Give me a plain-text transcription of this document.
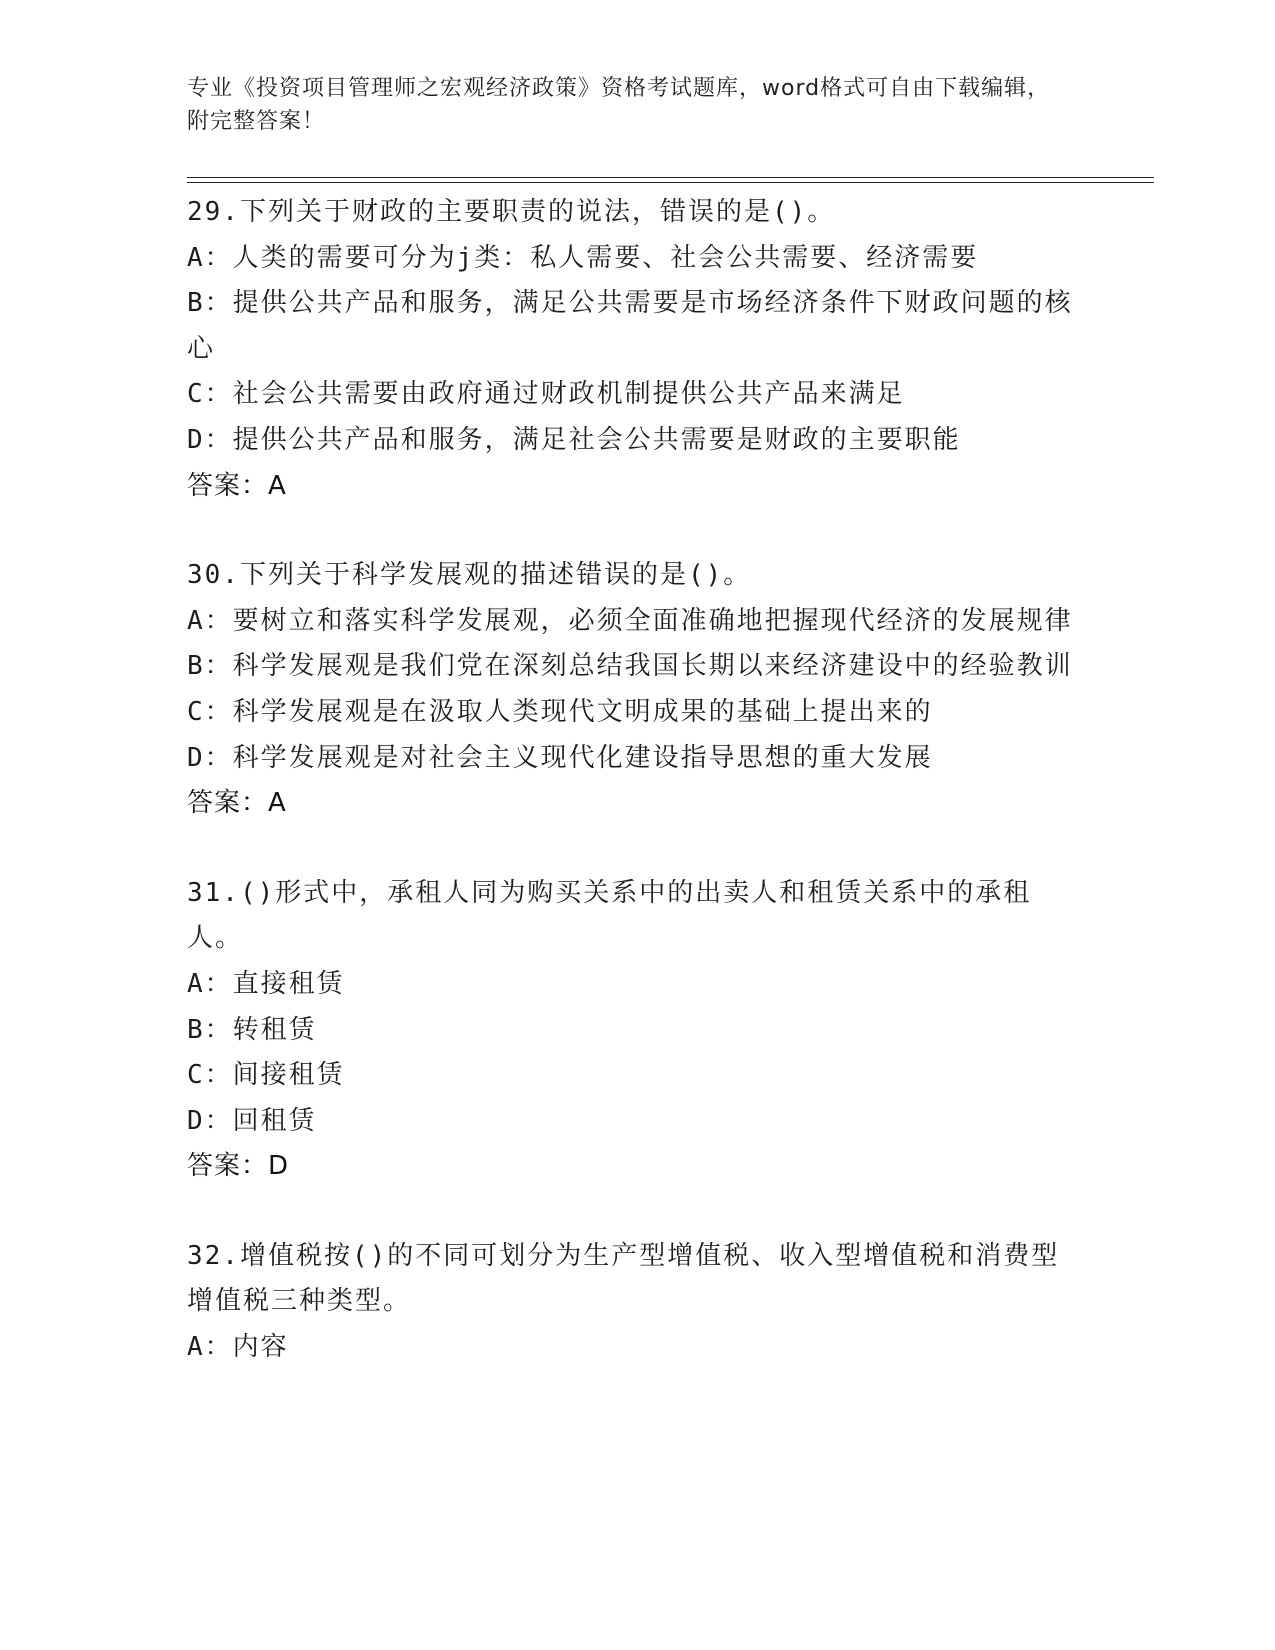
专业《投资项目管理师之宏观经济政策》资格考试题库，word格式可自由下载编辑，附完整答案！
29.下列关于财政的主要职责的说法，错误的是()。
A：人类的需要可分为j类：私人需要、社会公共需要、经济需要
B：提供公共产品和服务，满足公共需要是市场经济条件下财政问题的核心
C：社会公共需要由政府通过财政机制提供公共产品来满足
D：提供公共产品和服务，满足社会公共需要是财政的主要职能
答案：A
30.下列关于科学发展观的描述错误的是()。
A：要树立和落实科学发展观，必须全面准确地把握现代经济的发展规律
B：科学发展观是我们党在深刻总结我国长期以来经济建设中的经验教训
C：科学发展观是在汲取人类现代文明成果的基础上提出来的
D：科学发展观是对社会主义现代化建设指导思想的重大发展
答案：A
31.()形式中，承租人同为购买关系中的出卖人和租赁关系中的承租人。
A：直接租赁
B：转租赁
C：间接租赁
D：回租赁
答案：D
32.增值税按()的不同可划分为生产型增值税、收入型增值税和消费型增值税三种类型。
A：内容
